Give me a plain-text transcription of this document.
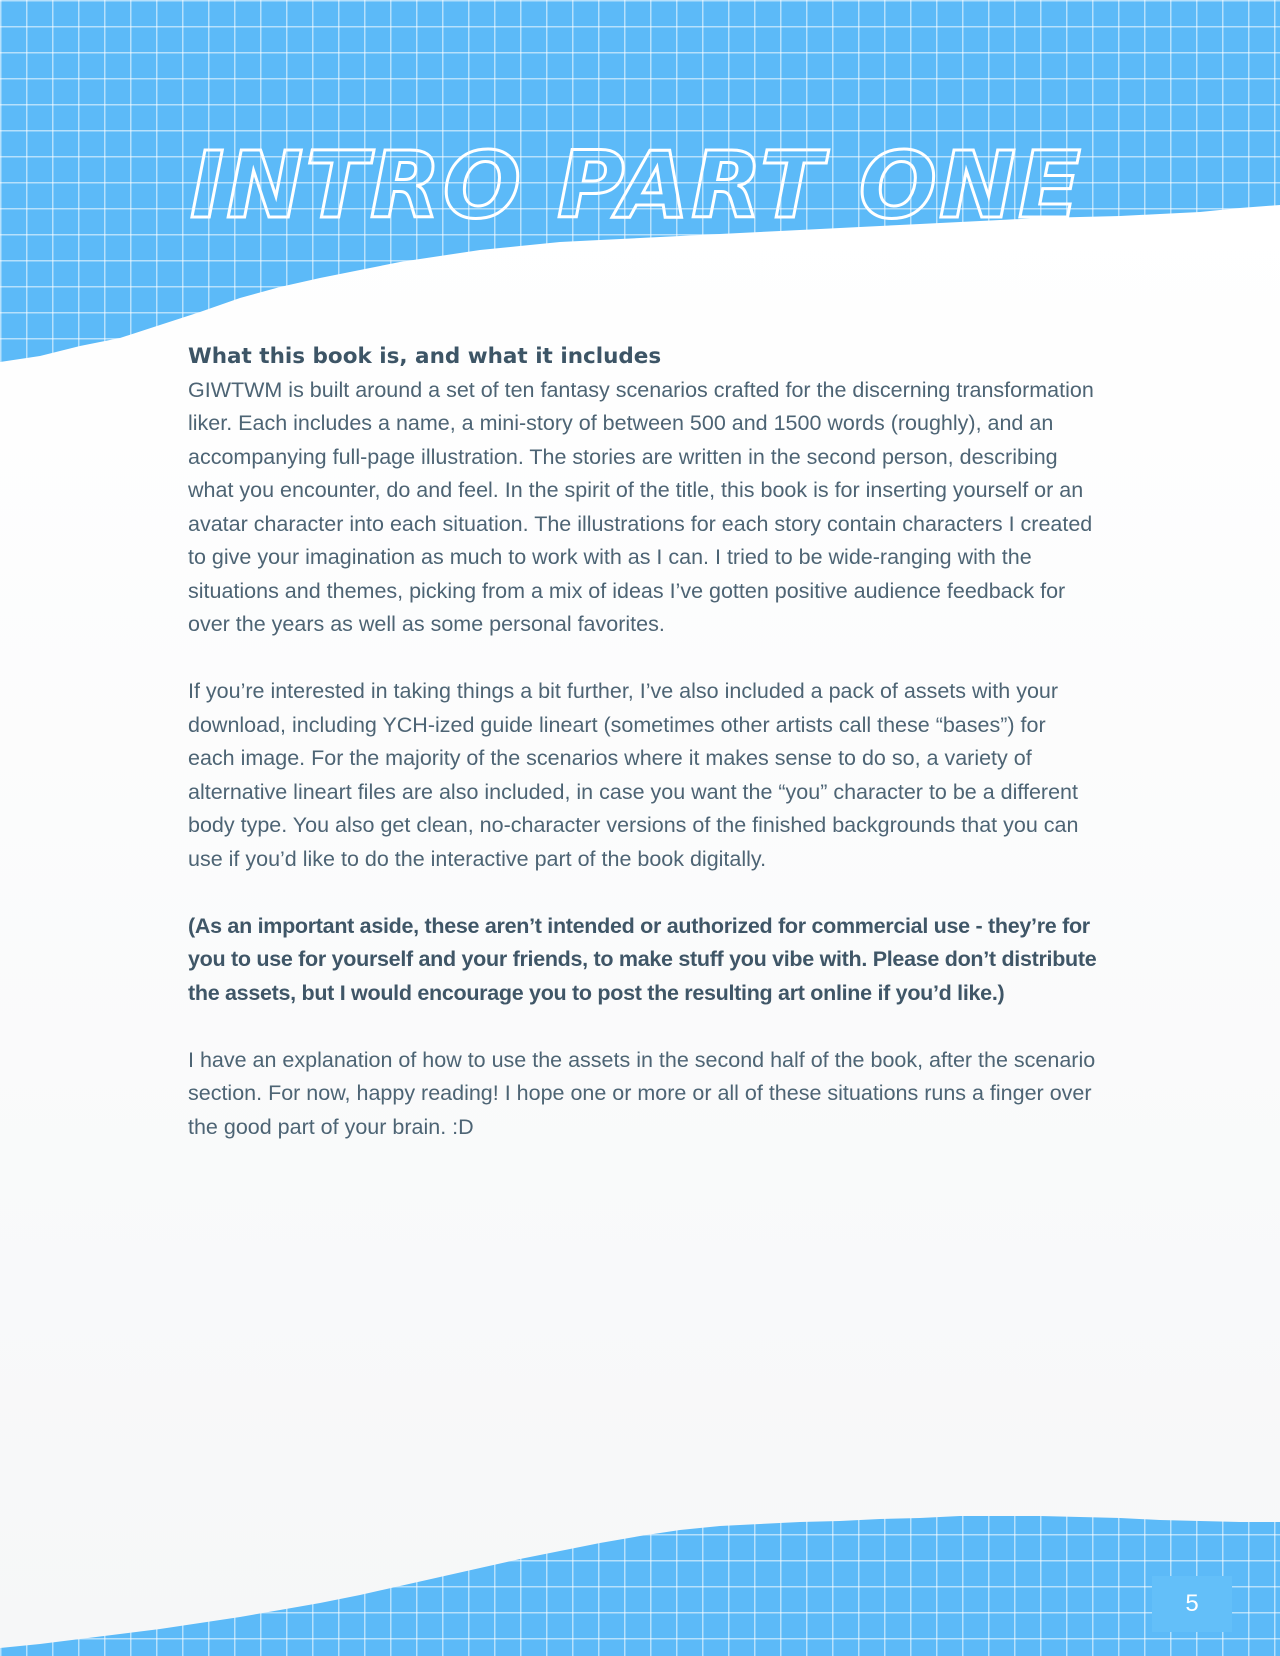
INTRO PART ONE
What this book is, and what it includes

GIWTWM is built around a set of ten fantasy scenarios crafted for the discerning transformation liker. Each includes a name, a mini-story of between 500 and 1500 words (roughly), and an accompanying full-page illustration. The stories are written in the second person, describing what you encounter, do and feel. In the spirit of the title, this book is for inserting yourself or an avatar character into each situation. The illustrations for each story contain characters I created to give your imagination as much to work with as I can. I tried to be wide-ranging with the situations and themes, picking from a mix of ideas I’ve gotten positive audience feedback for over the years as well as some personal favorites.

If you’re interested in taking things a bit further, I’ve also included a pack of assets with your download, including YCH-ized guide lineart (sometimes other artists call these “bases”) for each image. For the majority of the scenarios where it makes sense to do so, a variety of alternative lineart files are also included, in case you want the “you” character to be a different body type. You also get clean, no-character versions of the finished backgrounds that you can use if you’d like to do the interactive part of the book digitally.

(As an important aside, these aren’t intended or authorized for commercial use - they’re for you to use for yourself and your friends, to make stuff you vibe with. Please don’t distribute the assets, but I would encourage you to post the resulting art online if you’d like.)

I have an explanation of how to use the assets in the second half of the book, after the scenario section. For now, happy reading! I hope one or more or all of these situations runs a finger over the good part of your brain. :D

5
